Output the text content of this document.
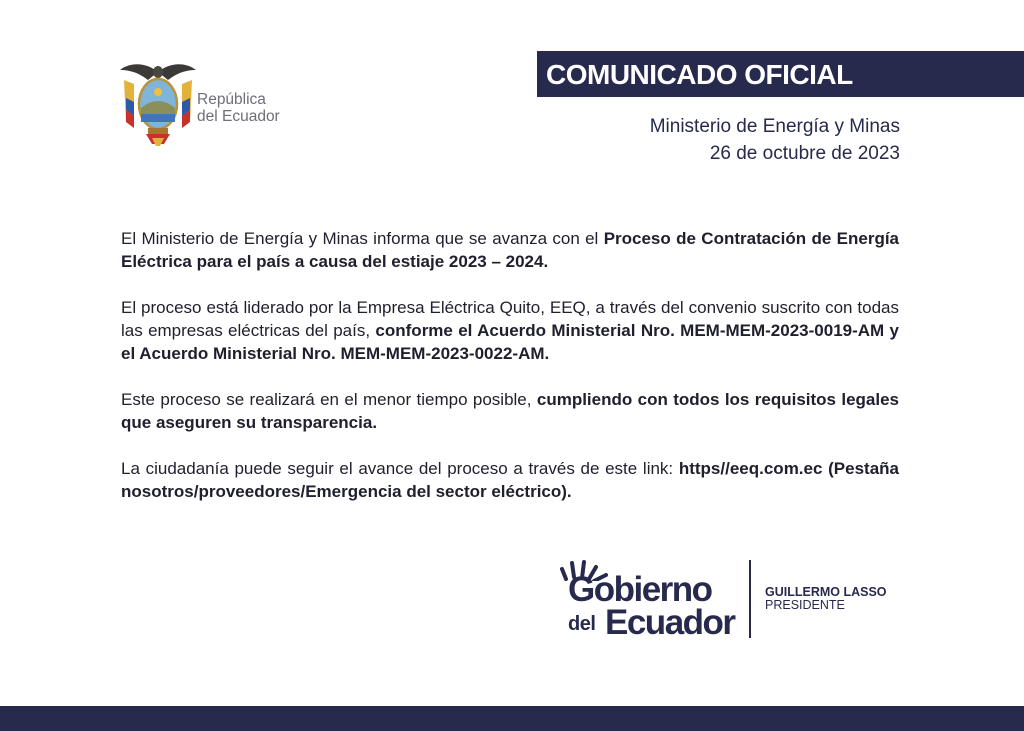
República
del Ecuador
COMUNICADO OFICIAL
Ministerio de Energía y Minas
26 de octubre de 2023

El Ministerio de Energía y Minas informa que se avanza con el Proceso de Contratación de Energía Eléctrica para el país a causa del estiaje 2023 – 2024.

El proceso está liderado por la Empresa Eléctrica Quito, EEQ, a través del convenio suscrito con todas las empresas eléctricas del país, conforme el Acuerdo Ministerial Nro. MEM-MEM-2023-0019-AM y el Acuerdo Ministerial Nro. MEM-MEM-2023-0022-AM.

Este proceso se realizará en el menor tiempo posible, cumpliendo con todos los requisitos legales que aseguren su transparencia.

La ciudadanía puede seguir el avance del proceso a través de este link: https//eeq.com.ec (Pestaña nosotros/proveedores/Emergencia del sector eléctrico).

Gobierno
del Ecuador
GUILLERMO LASSO
PRESIDENTE
